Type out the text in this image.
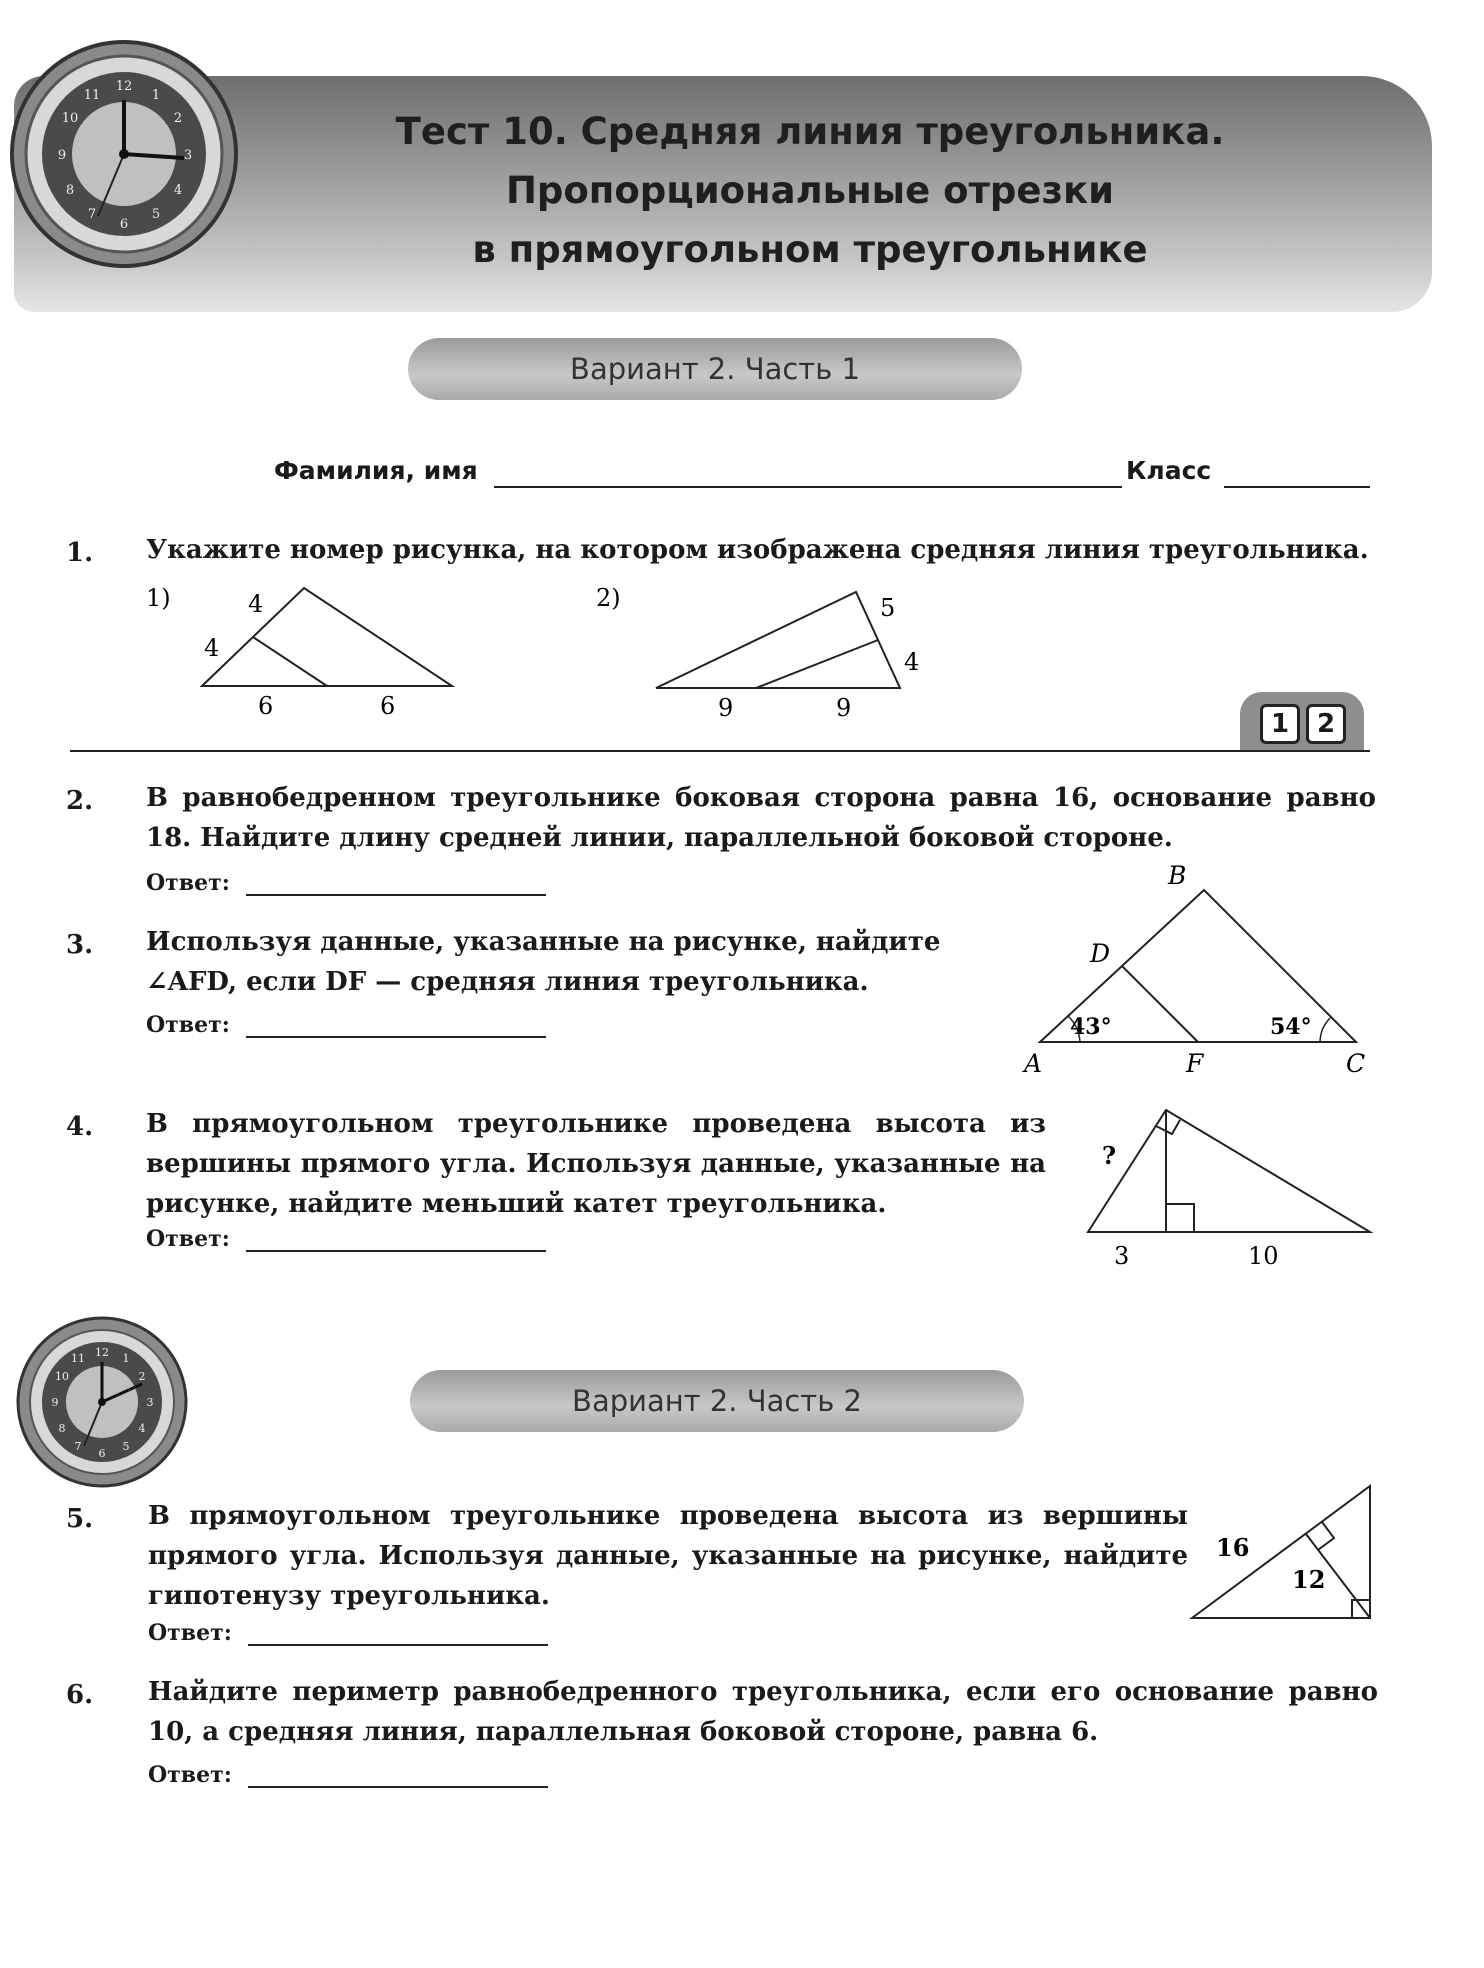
12
1
2
3
4
5
6
7
8
9
10
11
Тест 10. Средняя линия треугольника.
Пропорциональные отрезки
в прямоугольном треугольнике
Вариант 2. Часть 1
Фамилия, имя	Класс
1. Укажите номер рисунка, на котором изображена средняя линия треугольника.
1)	4
4
6	6
2)	5
4
9	9
1	2
2. В равнобедренном треугольнике боковая сторона равна 16, основание равно 18. Найдите длину средней линии, параллельной боковой стороне.
Ответ:
3. Используя данные, указанные на рисунке, найдите
∠AFD, если DF — средняя линия треугольника.
Ответ:
B
D
A	F	C
43°	54°
4. В прямоугольном треугольнике проведена высота из вершины прямого угла. Используя данные, указанные на рисунке, найдите меньший катет треугольника.
Ответ:
?
3	10
12 1
2
3
4
5
6
7
8
9
10
11
Вариант 2. Часть 2
5. В прямоугольном треугольнике проведена высота из вершины прямого угла. Используя данные, указанные на рисунке, найдите гипотенузу треугольника.
Ответ:
16
12
6. Найдите периметр равнобедренного треугольника, если его основание равно 10, а средняя линия, параллельная боковой стороне, равна 6.
Ответ:
